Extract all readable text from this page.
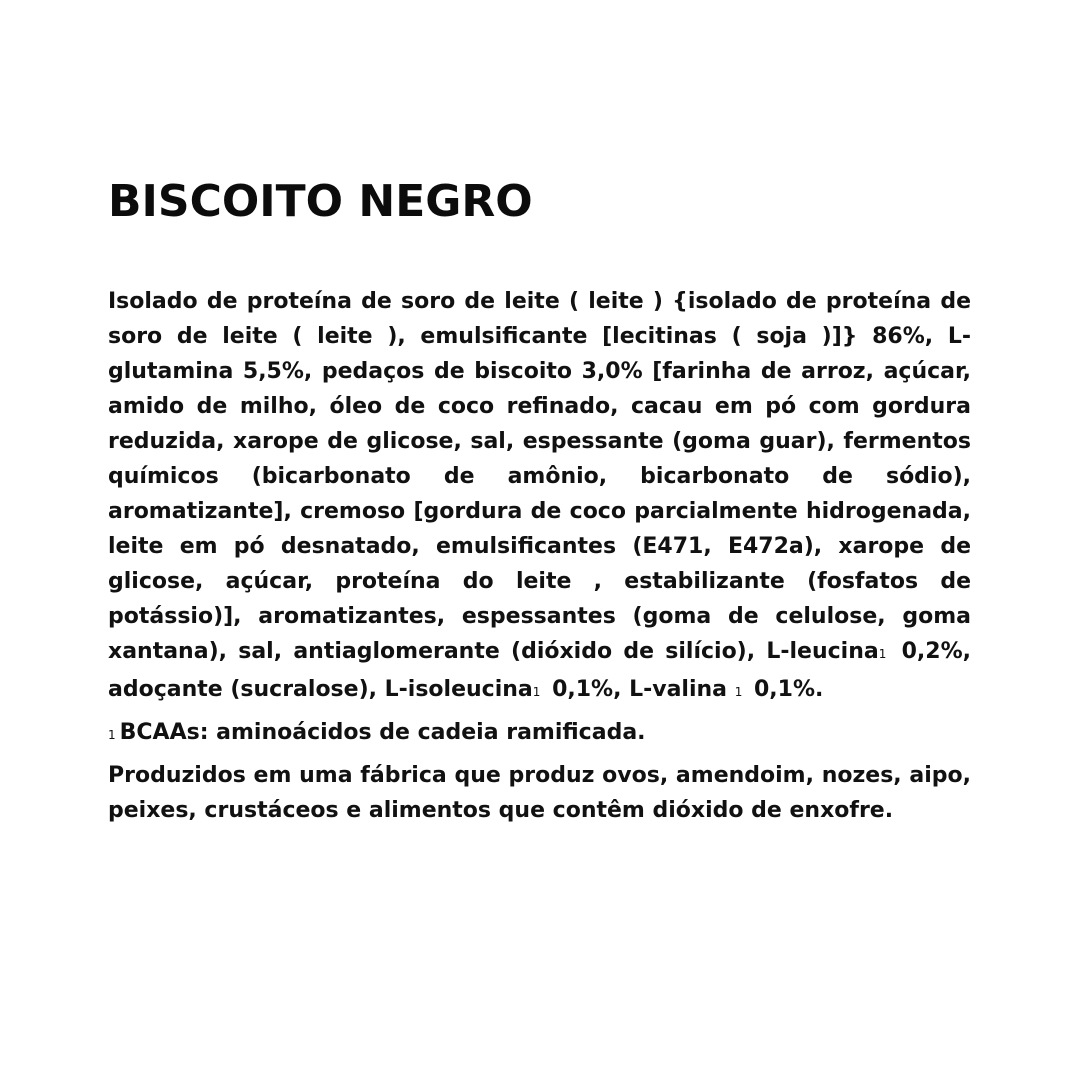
BISCOITO NEGRO

Isolado de proteína de soro de leite ( leite ) {isolado de proteína de soro de leite ( leite ), emulsificante [lecitinas ( soja )]} 86%, L-glutamina 5,5%, pedaços de biscoito 3,0% [farinha de arroz, açúcar, amido de milho, óleo de coco refinado, cacau em pó com gordura reduzida, xarope de glicose, sal, espessante (goma guar), fermentos químicos (bicarbonato de amônio, bicarbonato de sódio), aromatizante], cremoso [gordura de coco parcialmente hidrogenada, leite em pó desnatado, emulsificantes (E471, E472a), xarope de glicose, açúcar, proteína do leite , estabilizante (fosfatos de potássio)], aromatizantes, espessantes (goma de celulose, goma xantana), sal, antiaglomerante (dióxido de silício), L-leucina1 0,2%, adoçante (sucralose), L-isoleucina1 0,1%, L-valina 1 0,1%.

1 BCAAs: aminoácidos de cadeia ramificada.

Produzidos em uma fábrica que produz ovos, amendoim, nozes, aipo, peixes, crustáceos e alimentos que contêm dióxido de enxofre.
